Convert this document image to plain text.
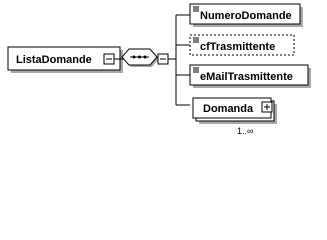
ListaDomande
NumeroDomande
cfTrasmittente
eMailTrasmittente
Domanda
1..∞
